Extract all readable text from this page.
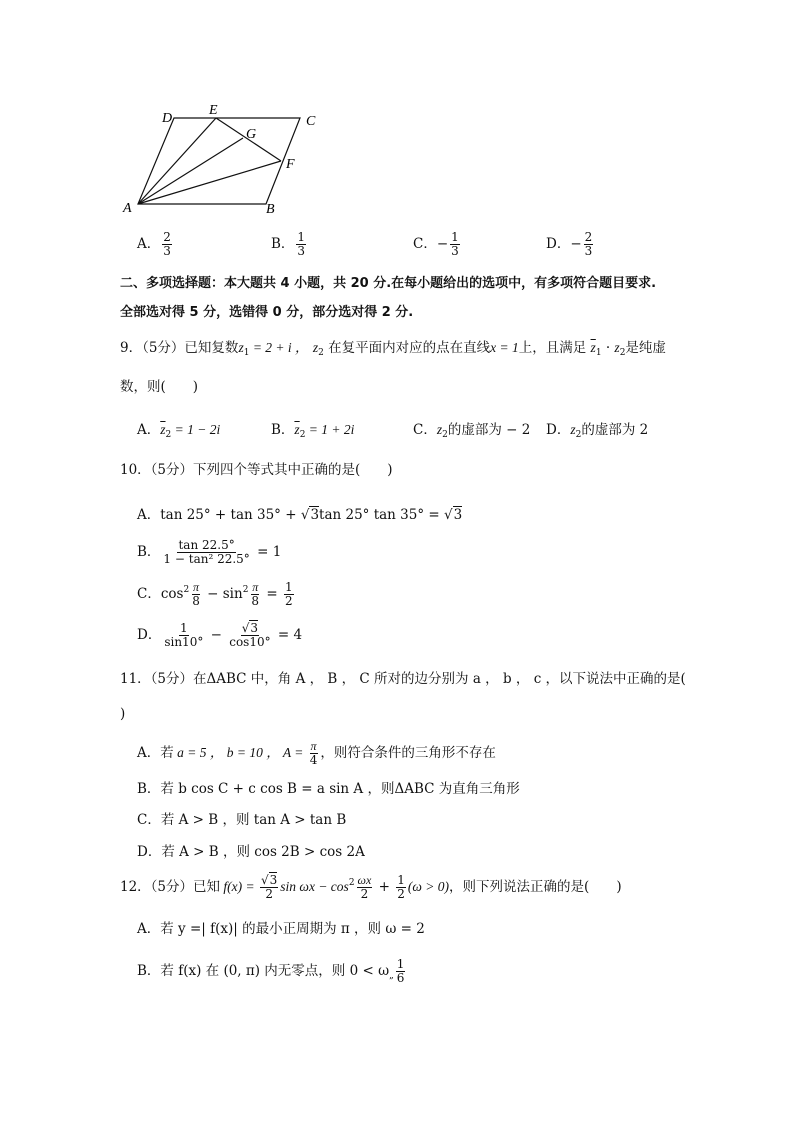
D
E
C
G
F
A	B
A． $\frac{2}{3}$	B． $\frac{1}{3}$	C．− $\frac{1}{3}$	D．− $\frac{2}{3}$
二、多项选择题：本大题共 4 小题，共 20 分.在每小题给出的选项中，有多项符合题目要求.
全部选对得 5 分，选错得 0 分，部分选对得 2 分.
9．（5分）已知复数$z_1 = 2 + i$ ， $z_2$ 在复平面内对应的点在直线x = 1上，且满足 $\overline{z}_1 \cdot z_2$是纯虚
数，则(　　)
A．$\overline{z}_2 = 1 - 2i$	B．$\overline{z}_2 = 1 + 2i$	C．$z_2$的虚部为 − 2 D．$z_2$的虚部为 2
10．（5分）下列四个等式其中正确的是(　　)
A．tan 25° + tan 35° + √3tan 25° tan 35° = √3
B． $\frac{\tan 22.5^\circ}{\text{1 − tan² 22.5°}} = 1$
C．$\cos^2 \frac{\pi}{8} - \sin^2 \frac{\pi}{8} = \frac{1}{2}$
D． $\frac{1}{\sin 10^\circ} - \frac{√3}{\cos 10^\circ} = 4$
11．（5分）在ΔABC 中，角 A ， B ， C 所对的边分别为 a ， b ， c ，以下说法中正确的是(
)
A．若 a = 5 ， b = 10 ， $A = \frac{\pi}{4}$ ，则符合条件的三角形不存在
B．若 b cos C + c cos B = a sin A ，则ΔABC 为直角三角形
C．若 A > B ，则 tan A > tan B
D．若 A > B ，则 cos 2B > cos 2A
12．（5分）已知 $f(x) = \frac{√3}{2}$ $\sin \omega x - \cos^2 \frac{\omega x}{2} + \frac{1}{2} (\omega > 0)$，则下列说法正确的是(　　)
A．若 y =| f(x)| 的最小正周期为 π ，则 ω = 2
B．若 f(x) 在 (0, π) 内无零点，则 $0 < \omega_„ \frac{1}{6}$
